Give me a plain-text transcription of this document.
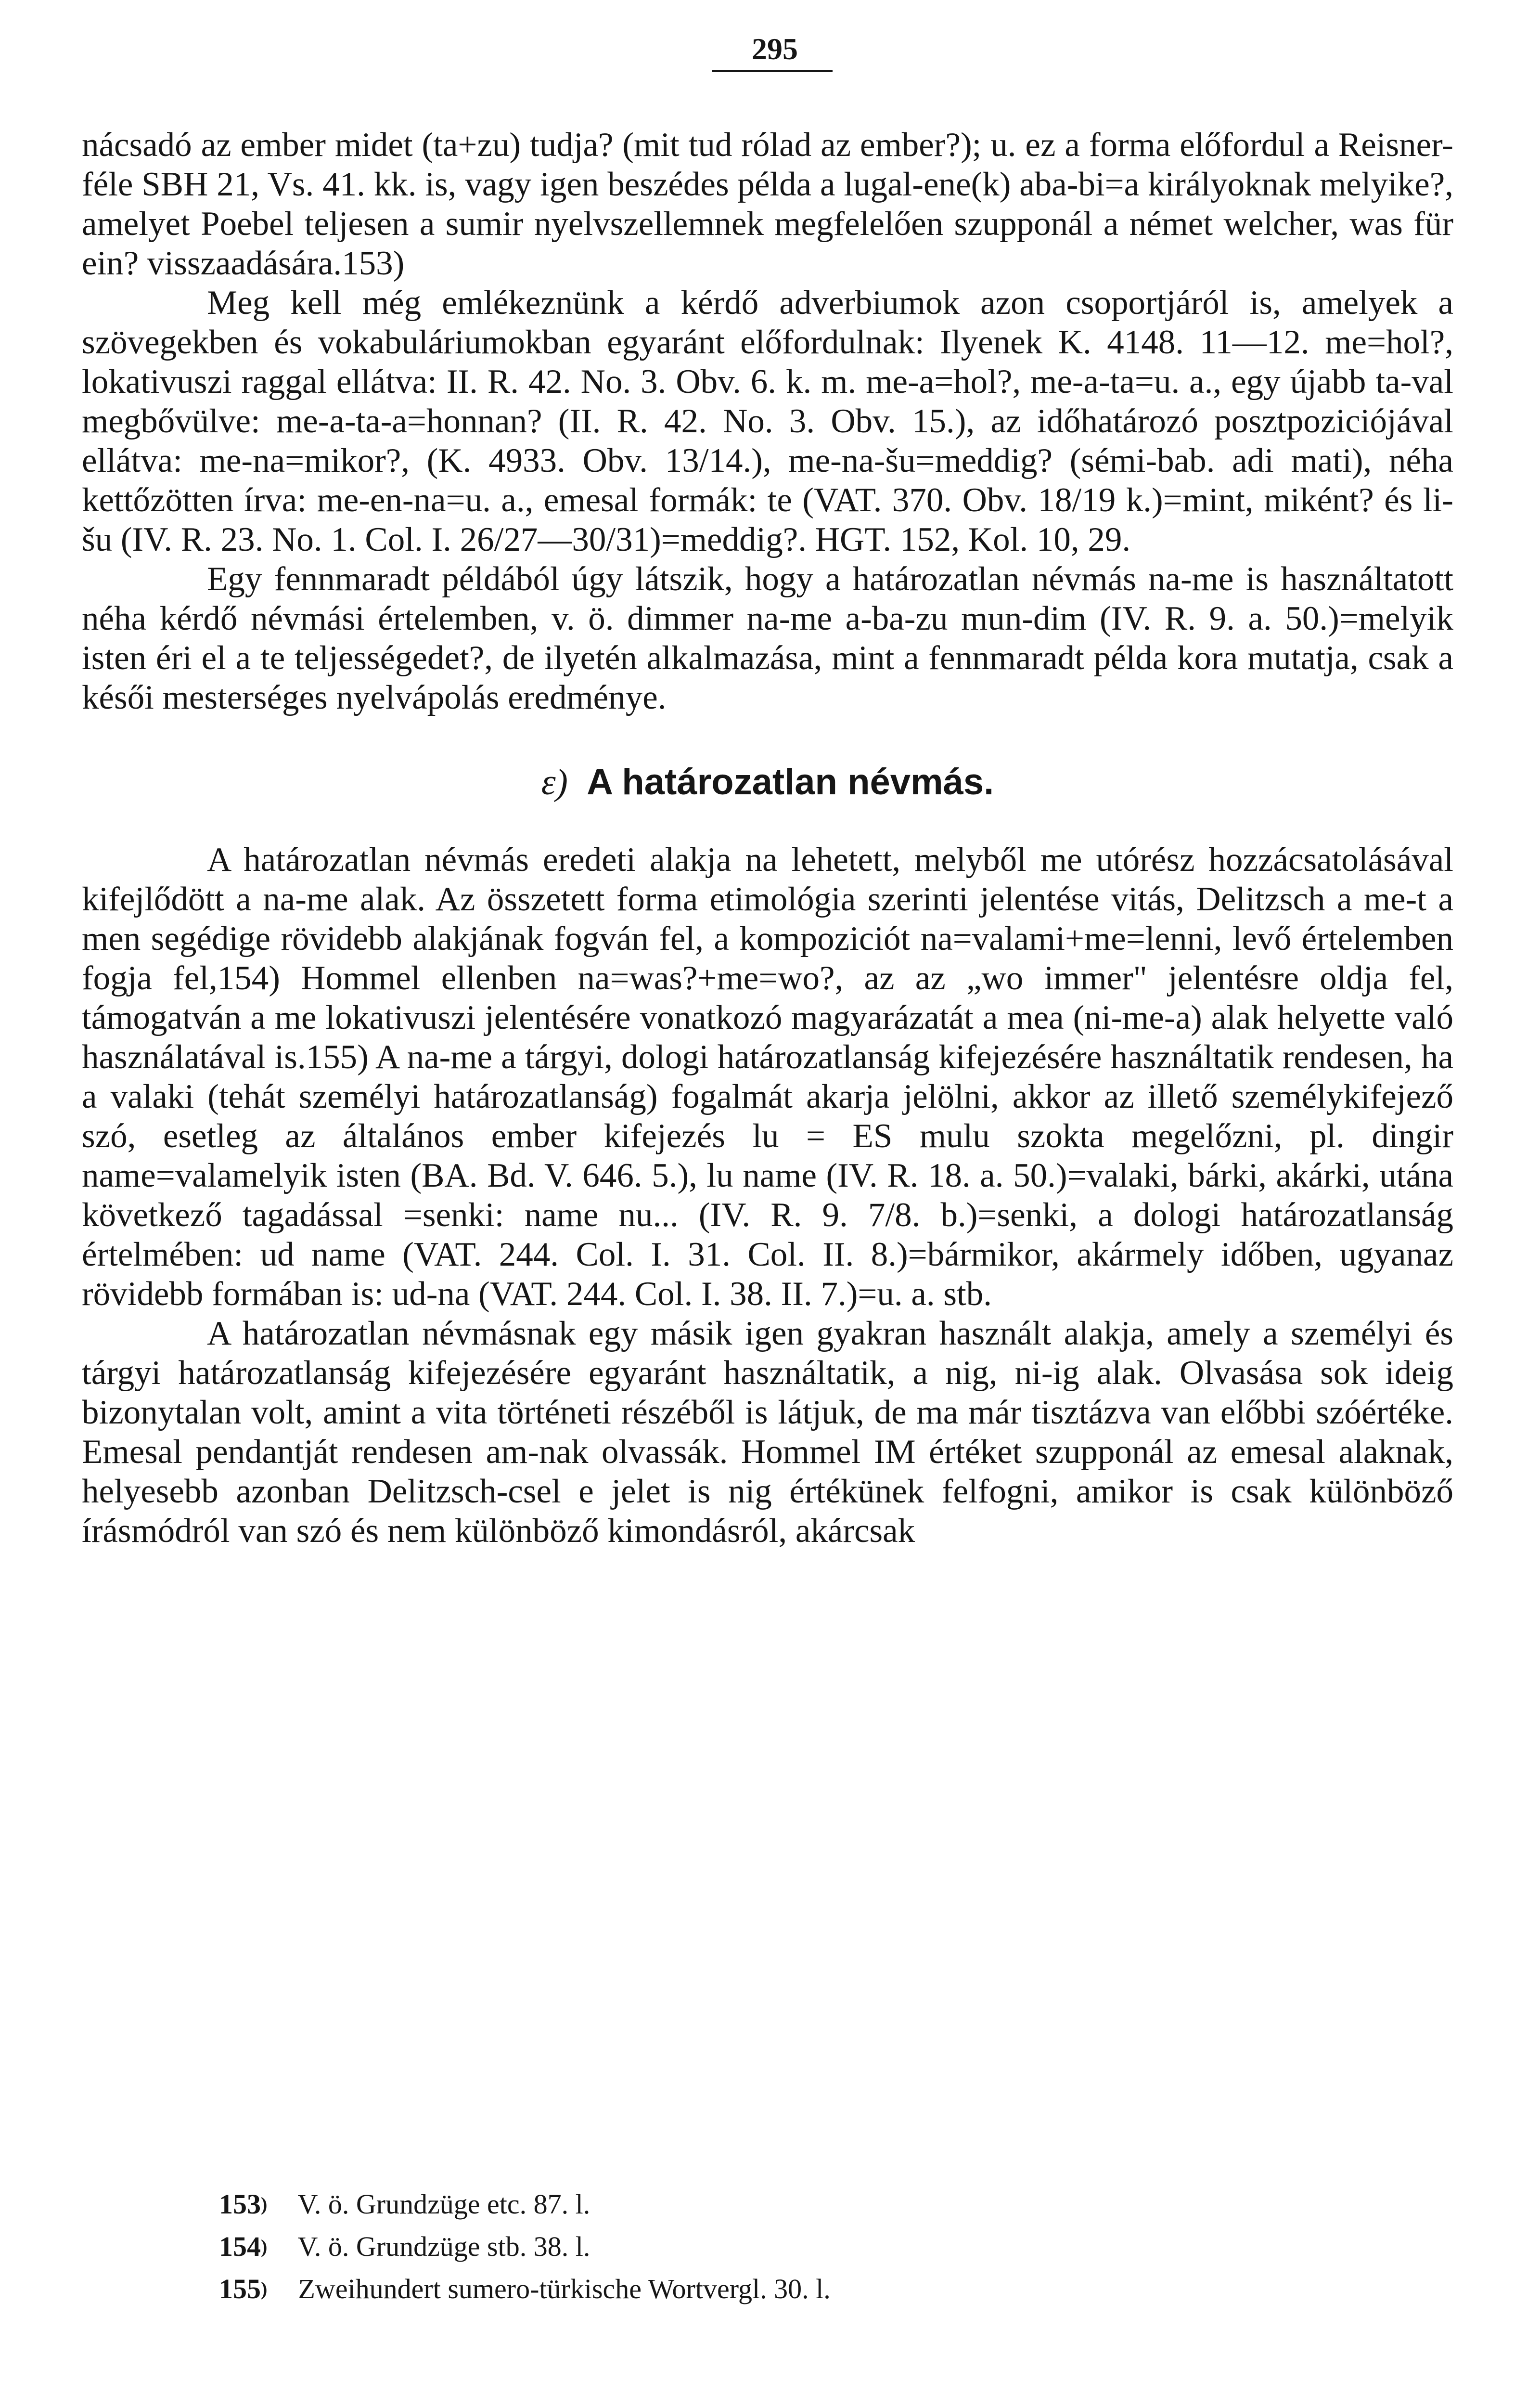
295

nácsadó az ember midet (ta+zu) tudja? (mit tud rólad az ember?); u. ez a forma előfordul a Reisner-féle SBH 21, Vs. 41. kk. is, vagy igen beszédes példa a lugal-ene(k) aba-bi=a királyoknak melyike?, amelyet Poebel teljesen a sumir nyelvszellemnek megfelelően szupponál a német welcher, was für ein? visszaadására.153)

Meg kell még emlékeznünk a kérdő adverbiumok azon csoportjáról is, amelyek a szövegekben és vokabuláriumokban egyaránt előfordulnak: Ilyenek K. 4148. 11—12. me=hol?, lokativuszi raggal ellátva: II. R. 42. No. 3. Obv. 6. k. m. me-a=hol?, me-a-ta=u. a., egy újabb ta-val megbővülve: me-a-ta-a=honnan? (II. R. 42. No. 3. Obv. 15.), az időhatározó posztpoziciójával ellátva: me-na=mikor?, (K. 4933. Obv. 13/14.), me-na-šu=meddig? (sémi-bab. adi mati), néha kettőzötten írva: me-en-na=u. a., emesal formák: te (VAT. 370. Obv. 18/19 k.)=mint, miként? és li-šu (IV. R. 23. No. 1. Col. I. 26/27—30/31)=meddig?. HGT. 152, Kol. 10, 29.

Egy fennmaradt példából úgy látszik, hogy a határozatlan névmás na-me is használtatott néha kérdő névmási értelemben, v. ö. dimmer na-me a-ba-zu mun-dim (IV. R. 9. a. 50.)=melyik isten éri el a te teljességedet?, de ilyetén alkalmazása, mint a fennmaradt példa kora mutatja, csak a késői mesterséges nyelvápolás eredménye.

ε) A határozatlan névmás.

A határozatlan névmás eredeti alakja na lehetett, melyből me utórész hozzácsatolásával kifejlődött a na-me alak. Az összetett forma etimológia szerinti jelentése vitás, Delitzsch a me-t a men segédige rövidebb alakjának fogván fel, a kompoziciót na=valami+me=lenni, levő értelemben fogja fel,154) Hommel ellenben na=was?+me=wo?, az az „wo immer" jelentésre oldja fel, támogatván a me lokativuszi jelentésére vonatkozó magyarázatát a mea (ni-me-a) alak helyette való használatával is.155) A na-me a tárgyi, dologi határozatlanság kifejezésére használtatik rendesen, ha a valaki (tehát személyi határozatlanság) fogalmát akarja jelölni, akkor az illető személykifejező szó, esetleg az általános ember kifejezés lu = ES mulu szokta megelőzni, pl. dingir name=valamelyik isten (BA. Bd. V. 646. 5.), lu name (IV. R. 18. a. 50.)=valaki, bárki, akárki, utána következő tagadással =senki: name nu... (IV. R. 9. 7/8. b.)=senki, a dologi határozatlanság értelmében: ud name (VAT. 244. Col. I. 31. Col. II. 8.)=bármikor, akármely időben, ugyanaz rövidebb formában is: ud-na (VAT. 244. Col. I. 38. II. 7.)=u. a. stb.

A határozatlan névmásnak egy másik igen gyakran használt alakja, amely a személyi és tárgyi határozatlanság kifejezésére egyaránt használtatik, a nig, ni-ig alak. Olvasása sok ideig bizonytalan volt, amint a vita történeti részéből is látjuk, de ma már tisztázva van előbbi szóértéke. Emesal pendantját rendesen am-nak olvassák. Hommel IM értéket szupponál az emesal alaknak, helyesebb azonban Delitzsch-csel e jelet is nig értékünek felfogni, amikor is csak különböző írásmódról van szó és nem különböző kimondásról, akárcsak

153) V. ö. Grundzüge etc. 87. l.
154) V. ö. Grundzüge stb. 38. l.
155) Zweihundert sumero-türkische Wortvergl. 30. l.
